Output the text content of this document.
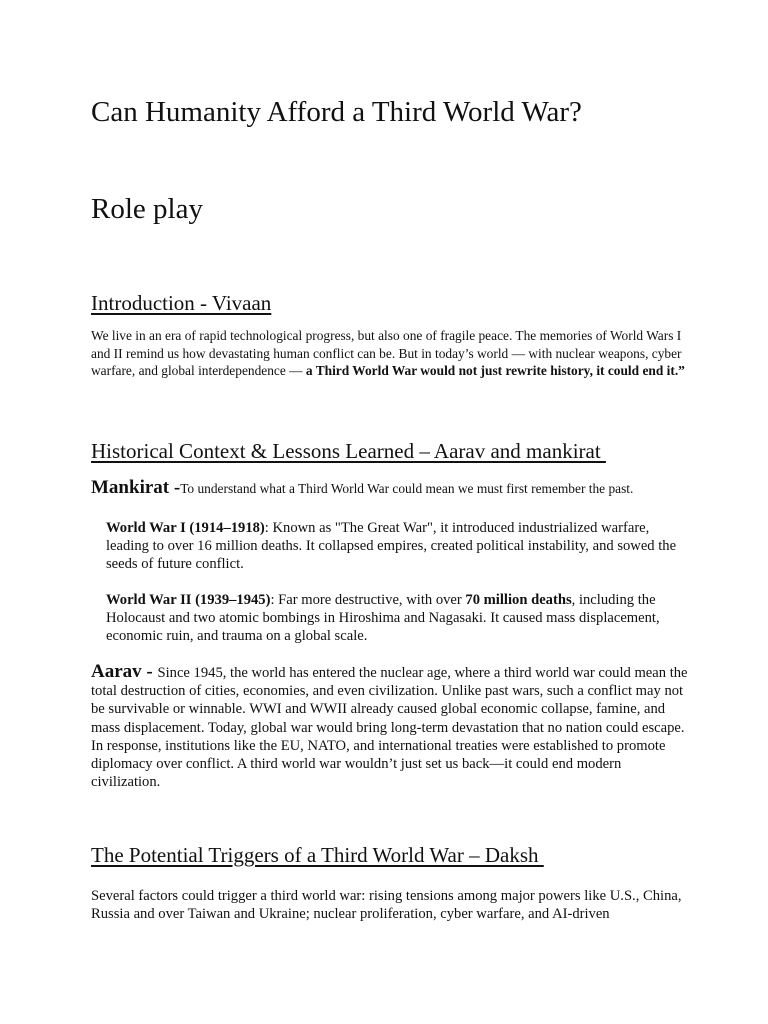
Can Humanity Afford a Third World War?
Role play
Introduction - Vivaan

We live in an era of rapid technological progress, but also one of fragile peace. The memories of World Wars I and II remind us how devastating human conflict can be. But in today’s world — with nuclear weapons, cyber warfare, and global interdependence — a Third World War would not just rewrite history, it could end it.”

Historical Context & Lessons Learned – Aarav and mankirat

Mankirat -To understand what a Third World War could mean we must first remember the past.

World War I (1914–1918): Known as "The Great War", it introduced industrialized warfare, leading to over 16 million deaths. It collapsed empires, created political instability, and sowed the seeds of future conflict.

World War II (1939–1945): Far more destructive, with over 70 million deaths, including the Holocaust and two atomic bombings in Hiroshima and Nagasaki. It caused mass displacement, economic ruin, and trauma on a global scale.

Aarav - Since 1945, the world has entered the nuclear age, where a third world war could mean the total destruction of cities, economies, and even civilization. Unlike past wars, such a conflict may not be survivable or winnable. WWI and WWII already caused global economic collapse, famine, and mass displacement. Today, global war would bring long-term devastation that no nation could escape. In response, institutions like the EU, NATO, and international treaties were established to promote diplomacy over conflict. A third world war wouldn’t just set us back—it could end modern civilization.

The Potential Triggers of a Third World War – Daksh

Several factors could trigger a third world war: rising tensions among major powers like U.S., China, Russia and over Taiwan and Ukraine; nuclear proliferation, cyber warfare, and AI-driven
